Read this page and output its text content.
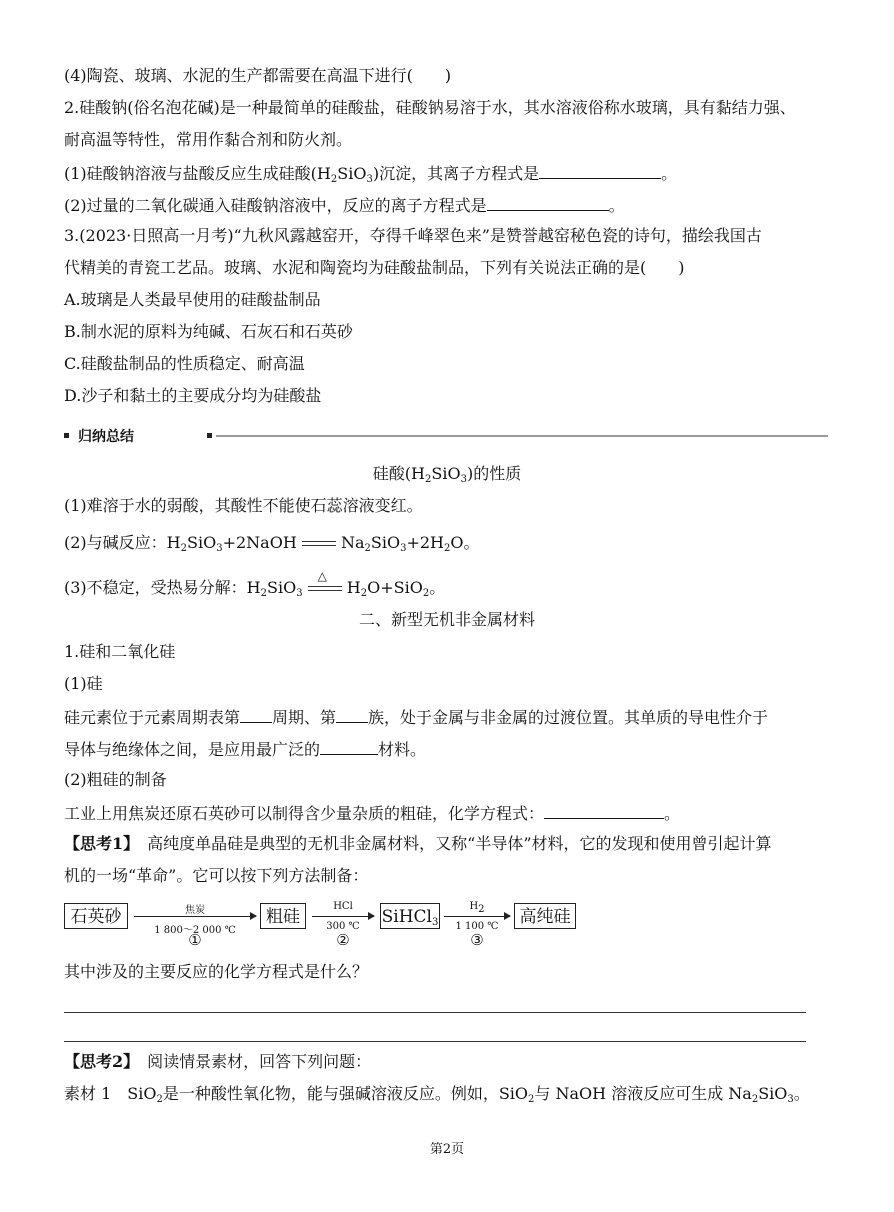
(4)陶瓷、玻璃、水泥的生产都需要在高温下进行(　　)
2.硅酸钠(俗名泡花碱)是一种最简单的硅酸盐，硅酸钠易溶于水，其水溶液俗称水玻璃，具有黏结力强、
耐高温等特性，常用作黏合剂和防火剂。
(1)硅酸钠溶液与盐酸反应生成硅酸$(H_2SiO_3)$沉淀，其离子方程式是	。
(2)过量的二氧化碳通入硅酸钠溶液中，反应的离子方程式是	。
3.(2023·日照高一月考)“九秋风露越窑开，夺得千峰翠色来”是赞誉越窑秘色瓷的诗句，描绘我国古
代精美的青瓷工艺品。玻璃、水泥和陶瓷均为硅酸盐制品，下列有关说法正确的是(　　)
A.玻璃是人类最早使用的硅酸盐制品
B.制水泥的原料为纯碱、石灰石和石英砂
C.硅酸盐制品的性质稳定、耐高温
D.沙子和黏土的主要成分均为硅酸盐
归纳总结
硅酸$(H_2SiO_3)$的性质
(1)难溶于水的弱酸，其酸性不能使石蕊溶液变红。
(2)与碱反应：$H_2SiO_3+2NaOH$	$Na_2SiO_3+2H_2O$。
(3)不稳定，受热易分解：$H_2SiO_3$
△
$H_2O+SiO_2$。
二、新型无机非金属材料
1.硅和二氧化硅
(1)硅
硅元素位于元素周期表第 周期、第 族，处于金属与非金属的过渡位置。其单质的导电性介于
导体与绝缘体之间，是应用最广泛的	材料。
(2)粗硅的制备
工业上用焦炭还原石英砂可以制得含少量杂质的粗硅，化学方程式：	。
【思考1】　高纯度单晶硅是典型的无机非金属材料，又称“半导体”材料，它的发现和使用曾引起计算
机的一场“革命”。它可以按下列方法制备：
石英砂	焦炭
1 800～2 000 ℃
①
粗硅
HCl
300 ℃
②
SiHCl$_3$
$H_2$
1 100 ℃
③
高纯硅
其中涉及的主要反应的化学方程式是什么？
【思考2】　阅读情景素材，回答下列问题：
素材 1　SiO$_2$是一种酸性氧化物，能与强碱溶液反应。例如，SiO$_2$与 NaOH 溶液反应可生成 $Na_2SiO_3$。
第2页
